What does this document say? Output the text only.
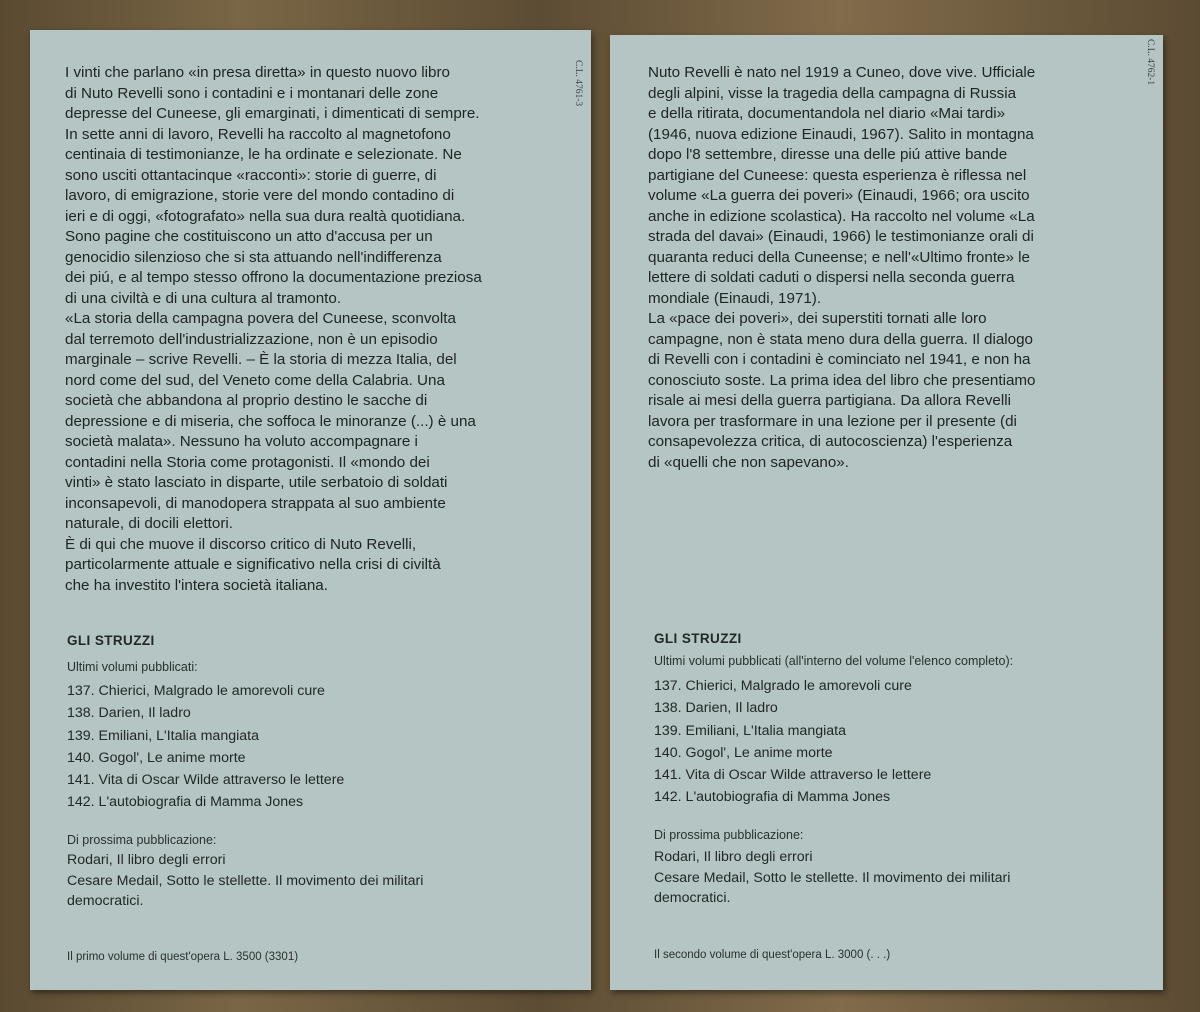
C.L. 4761-3

I vinti che parlano «in presa diretta» in questo nuovo libro
di Nuto Revelli sono i contadini e i montanari delle zone
depresse del Cuneese, gli emarginati, i dimenticati di sempre.
In sette anni di lavoro, Revelli ha raccolto al magnetofono
centinaia di testimonianze, le ha ordinate e selezionate. Ne
sono usciti ottantacinque «racconti»: storie di guerre, di
lavoro, di emigrazione, storie vere del mondo contadino di
ieri e di oggi, «fotografato» nella sua dura realtà quotidiana.
Sono pagine che costituiscono un atto d'accusa per un
genocidio silenzioso che si sta attuando nell'indifferenza
dei piú, e al tempo stesso offrono la documentazione preziosa
di una civiltà e di una cultura al tramonto.
«La storia della campagna povera del Cuneese, sconvolta
dal terremoto dell'industrializzazione, non è un episodio
marginale – scrive Revelli. – È la storia di mezza Italia, del
nord come del sud, del Veneto come della Calabria. Una
società che abbandona al proprio destino le sacche di
depressione e di miseria, che soffoca le minoranze (...) è una
società malata». Nessuno ha voluto accompagnare i
contadini nella Storia come protagonisti. Il «mondo dei
vinti» è stato lasciato in disparte, utile serbatoio di soldati
inconsapevoli, di manodopera strappata al suo ambiente
naturale, di docili elettori.
È di qui che muove il discorso critico di Nuto Revelli,
particolarmente attuale e significativo nella crisi di civiltà
che ha investito l'intera società italiana.

GLI STRUZZI
Ultimi volumi pubblicati:
137. Chierici, Malgrado le amorevoli cure
138. Darien, Il ladro
139. Emiliani, L'Italia mangiata
140. Gogol', Le anime morte
141. Vita di Oscar Wilde attraverso le lettere
142. L'autobiografia di Mamma Jones
Di prossima pubblicazione:

Rodari, Il libro degli errori
Cesare Medail, Sotto le stellette. Il movimento dei militari
democratici.

Il primo volume di quest'opera L. 3500 (3301)
C.L. 4762-1

Nuto Revelli è nato nel 1919 a Cuneo, dove vive. Ufficiale
degli alpini, visse la tragedia della campagna di Russia
e della ritirata, documentandola nel diario «Mai tardi»
(1946, nuova edizione Einaudi, 1967). Salito in montagna
dopo l'8 settembre, diresse una delle piú attive bande
partigiane del Cuneese: questa esperienza è riflessa nel
volume «La guerra dei poveri» (Einaudi, 1966; ora uscito
anche in edizione scolastica). Ha raccolto nel volume «La
strada del davai» (Einaudi, 1966) le testimonianze orali di
quaranta reduci della Cuneense; e nell'«Ultimo fronte» le
lettere di soldati caduti o dispersi nella seconda guerra
mondiale (Einaudi, 1971).
La «pace dei poveri», dei superstiti tornati alle loro
campagne, non è stata meno dura della guerra. Il dialogo
di Revelli con i contadini è cominciato nel 1941, e non ha
conosciuto soste. La prima idea del libro che presentiamo
risale ai mesi della guerra partigiana. Da allora Revelli
lavora per trasformare in una lezione per il presente (di
consapevolezza critica, di autocoscienza) l'esperienza
di «quelli che non sapevano».

GLI STRUZZI
Ultimi volumi pubblicati (all'interno del volume l'elenco completo):
137. Chierici, Malgrado le amorevoli cure
138. Darien, Il ladro
139. Emiliani, L'Italia mangiata
140. Gogol', Le anime morte
141. Vita di Oscar Wilde attraverso le lettere
142. L'autobiografia di Mamma Jones
Di prossima pubblicazione:

Rodari, Il libro degli errori
Cesare Medail, Sotto le stellette. Il movimento dei militari
democratici.

Il secondo volume di quest'opera L. 3000 (. . .)
